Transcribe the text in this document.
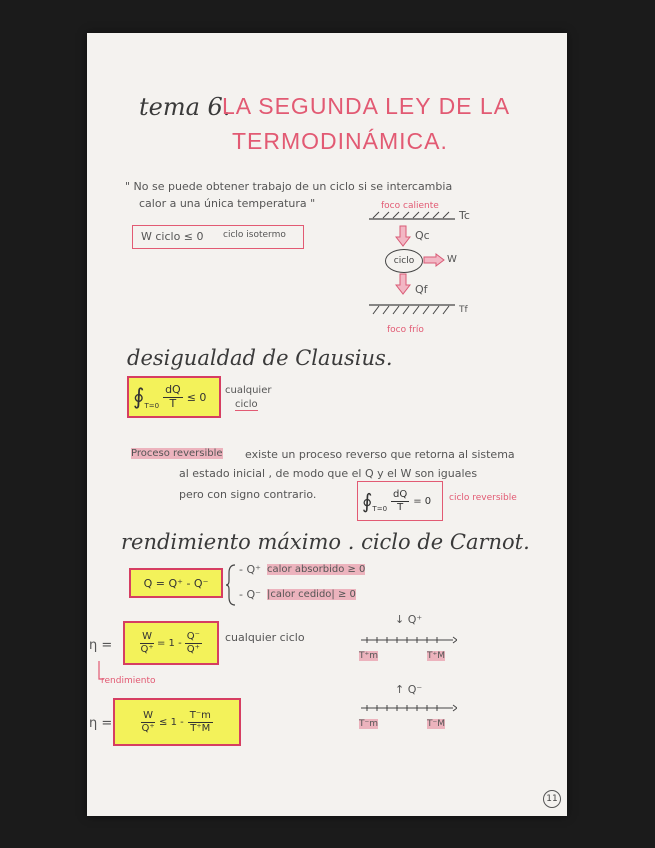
tema 6.
LA SEGUNDA LEY DE LA
TERMODINÁMICA.
" No se puede obtener trabajo de un ciclo si se intercambia
calor a una única temperatura "
W ciclo ≤ 0 ciclo isotermo
foco caliente
Tc
Qc
ciclo	W
Qf
Tf
foco frío
desigualdad de Clausius.
∮ $T=0 \frac{dQ}{T} \le 0$ cualquier
ciclo
Proceso reversible existe un proceso reverso que retorna al sistema
al estado inicial , de modo que el Q y el W son iguales
pero con signo contrario. ∮ $T=0 \frac{dQ}{T} = 0$ ciclo reversible
rendimiento máximo . ciclo de Carnot.
Q = Q⁺ - Q⁻
- Q⁺ calor absorbido ≥ 0
- Q⁻ |calor cedido| ≥ 0
η =	$\frac{W}{Q^+} = 1 - \frac{Q^-}{Q^+}$ cualquier ciclo
rendimiento
η =	$\frac{W}{Q^+} \le 1 - \frac{T^-m}{T^+M}$
↓ Q⁺
T⁺m	T⁺M
↑ Q⁻
T⁻m	T⁻M
11
